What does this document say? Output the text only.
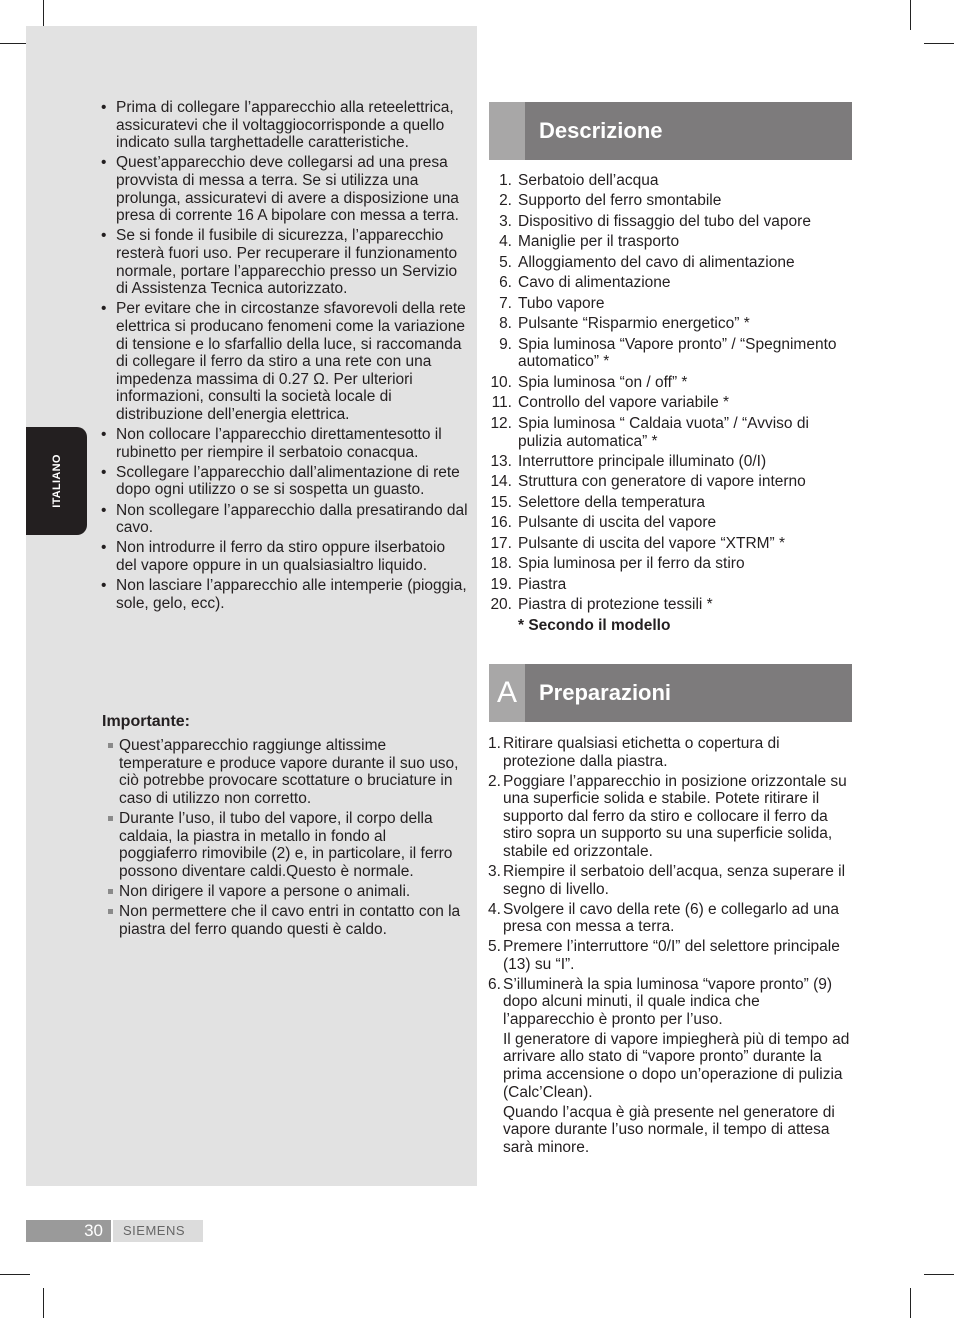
ITALIANO
• Prima di collegare l’apparecchio alla reteelettrica, assicuratevi che il voltaggiocorrisponde a quello indicato sulla targhettadelle caratteristiche.
• Quest’apparecchio deve collegarsi ad una presa provvista di messa a terra. Se si utilizza una prolunga, assicuratevi di avere a disposizione una presa di corrente 16 A bipolare con messa a terra.
• Se si fonde il fusibile di sicurezza, l’apparecchio resterà fuori uso. Per recuperare il funzionamento normale, portare l’apparecchio presso un Servizio di Assistenza Tecnica autorizzato.
• Per evitare che in circostanze sfavorevoli della rete elettrica si producano fenomeni come la variazione di tensione e lo sfarfallio della luce, si raccomanda di collegare il ferro da stiro a una rete con una impedenza massima di 0.27 Ω. Per ulteriori informazioni, consulti la società locale di distribuzione dell’energia elettrica.
• Non collocare l’apparecchio direttamentesotto il rubinetto per riempire il serbatoio conacqua.
• Scollegare l’apparecchio dall’alimentazione di rete dopo ogni utilizzo o se si sospetta un guasto.
• Non scollegare l’apparecchio dalla presatirando dal cavo.
• Non introdurre il ferro da stiro oppure ilserbatoio del vapore oppure in un qualsiasialtro liquido.
• Non lasciare l’apparecchio alle intemperie (pioggia, sole, gelo, ecc).
Importante:
Quest’apparecchio raggiunge altissime temperature e produce vapore durante il suo uso, ciò potrebbe provocare scottature o bruciature in caso di utilizzo non corretto.
Durante l’uso, il tubo del vapore, il corpo della caldaia, la piastra in metallo in fondo al poggiaferro rimovibile (2) e, in particolare, il ferro possono diventare caldi.Questo è normale.
Non dirigere il vapore a persone o animali.
Non permettere che il cavo entri in contatto con la piastra del ferro quando questi è caldo.
Descrizione
1. Serbatoio dell’acqua
2. Supporto del ferro smontabile
3. Dispositivo di fissaggio del tubo del vapore
4. Maniglie per il trasporto
5. Alloggiamento del cavo di alimentazione
6. Cavo di alimentazione
7. Tubo vapore
8. Pulsante “Risparmio energetico” *
9. Spia luminosa “Vapore pronto” / “Spegnimento automatico” *
10. Spia luminosa “on / off” *
11. Controllo del vapore variabile *
12. Spia luminosa “ Caldaia vuota” / “Avviso di pulizia automatica” *
13. Interruttore principale illuminato (0/I)
14. Struttura con generatore di vapore interno
15. Selettore della temperatura
16. Pulsante di uscita del vapore
17. Pulsante di uscita del vapore “XTRM” *
18. Spia luminosa per il ferro da stiro
19. Piastra
20. Piastra di protezione tessili *
* Secondo il modello
A	Preparazioni
1. Ritirare qualsiasi etichetta o copertura di protezione dalla piastra.
2. Poggiare l’apparecchio in posizione orizzontale su una superficie solida e stabile. Potete ritirare il supporto dal ferro da stiro e collocare il ferro da stiro sopra un supporto su una superficie solida, stabile ed orizzontale.
3. Riempire il serbatoio dell’acqua, senza superare il segno di livello.
4. Svolgere il cavo della rete (6) e collegarlo ad una presa con messa a terra.
5. Premere l’interruttore “0/I” del selettore principale (13) su “I”.
6. S’illuminerà la spia luminosa “vapore pronto” (9) dopo alcuni minuti, il quale indica che l’apparecchio è pronto per l’uso.
Il generatore di vapore impiegherà più di tempo ad arrivare allo stato di “vapore pronto” durante la prima accensione o dopo un’operazione di pulizia (Calc’Clean).
Quando l’acqua è già presente nel generatore di vapore durante l’uso normale, il tempo di attesa sarà minore.
30	SIEMENS
